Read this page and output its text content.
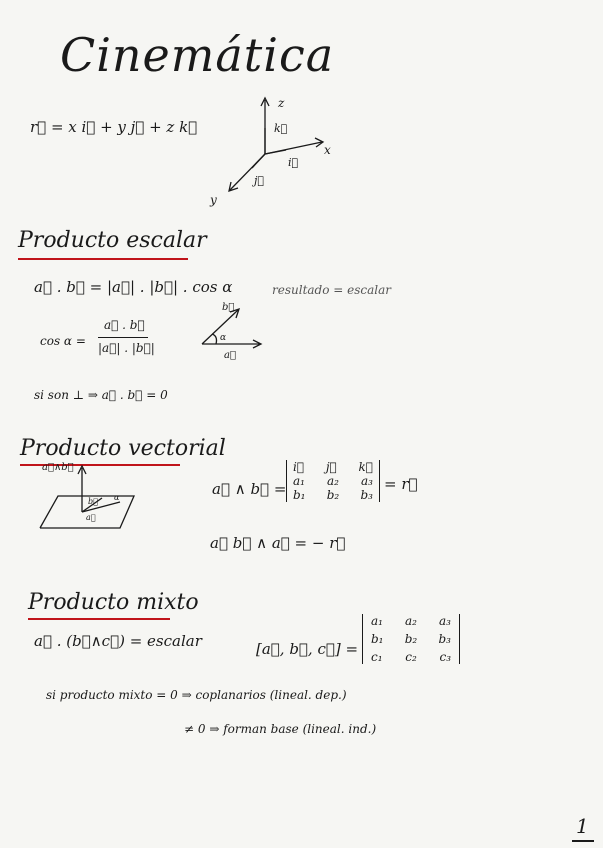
Cinemática
r⃗ = x i⃗ + y j⃗ + z k⃗
z
x
y
k⃗
i⃗
j⃗
Producto escalar
a⃗ . b⃗ = |a⃗| . |b⃗| . cos α	resultado = escalar
cos α =
a⃗ . b⃗
|a⃗| . |b⃗|
b⃗
a⃗
α
si son ⊥ ⇒ a⃗ . b⃗ = 0
Producto vectorial
a⃗∧b⃗
b⃗
a⃗
α	a⃗ ∧ b⃗ =
i⃗ j⃗ k⃗
a₁ a₂ a₃
b₁ b₂ b₃
= r⃗
a⃗ b⃗ ∧ a⃗ = − r⃗
Producto mixto
a⃗ . (b⃗∧c⃗) = escalar	[a⃗, b⃗, c⃗] =
a₁ a₂ a₃
b₁ b₂ b₃
c₁ c₂ c₃
si producto mixto = 0 ⇒ coplanarios (lineal. dep.)
≠ 0 ⇒ forman base (lineal. ind.)
1
